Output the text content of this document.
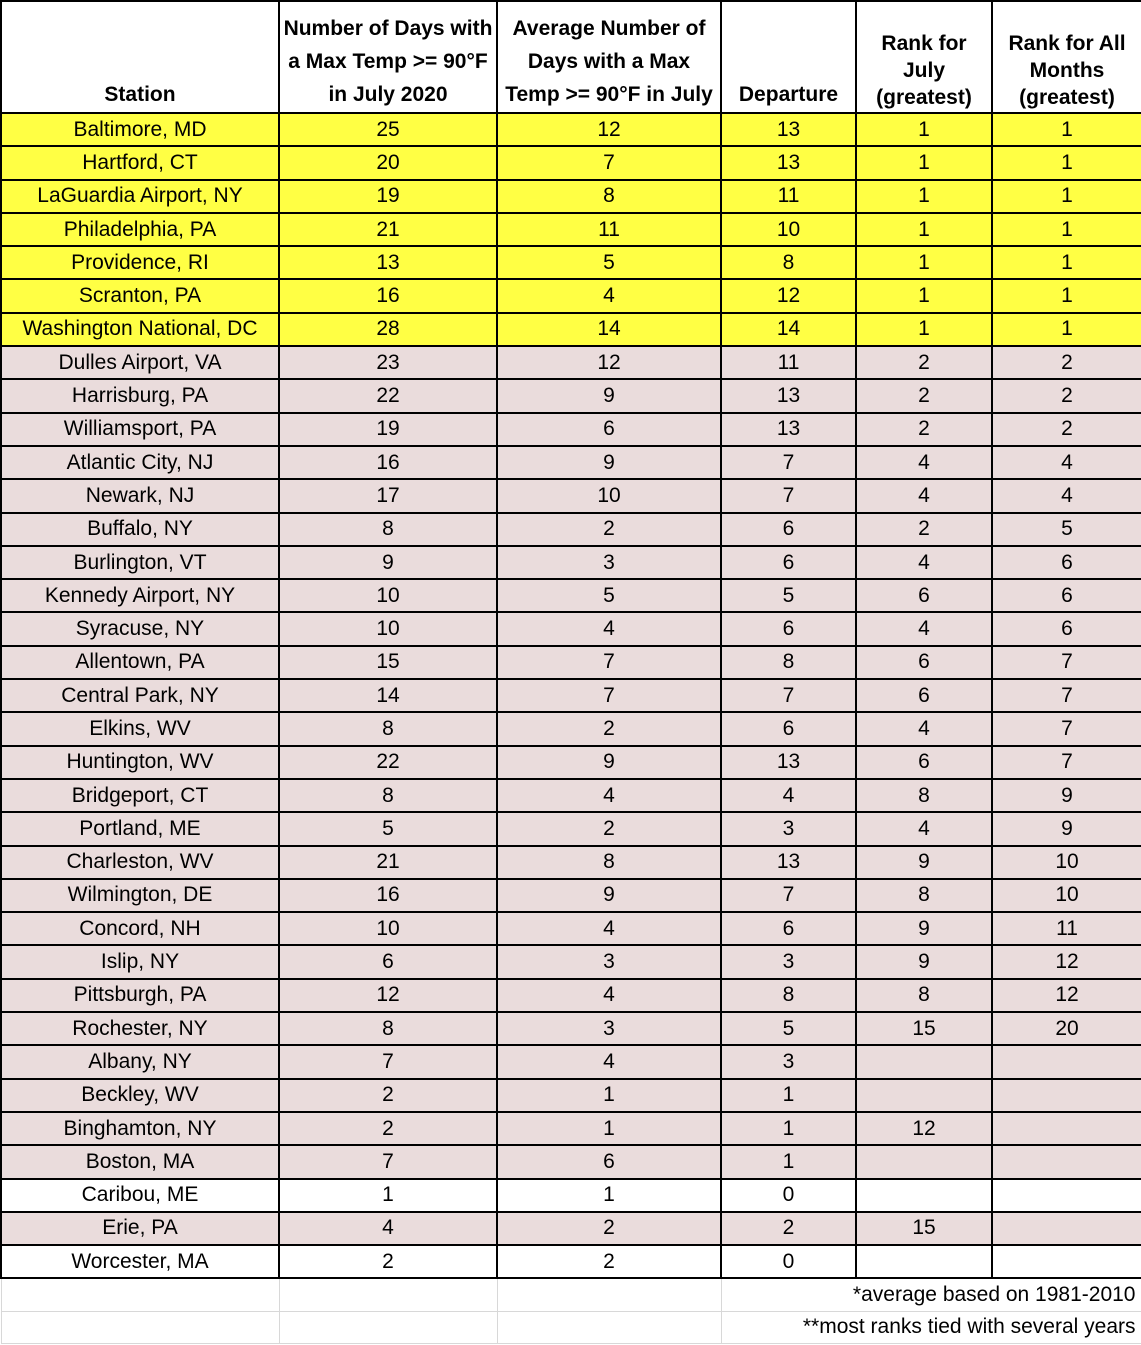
Station	Number of Days with a Max Temp >= 90°F in July 2020	Average Number of Days with a Max Temp >= 90°F in July	Departure	Rank for July (greatest)	Rank for All Months (greatest)
Baltimore, MD	25	12	13	1	1
Hartford, CT	20	7	13	1	1
LaGuardia Airport, NY	19	8	11	1	1
Philadelphia, PA	21	11	10	1	1
Providence, RI	13	5	8	1	1
Scranton, PA	16	4	12	1	1
Washington National, DC	28	14	14	1	1
Dulles Airport, VA	23	12	11	2	2
Harrisburg, PA	22	9	13	2	2
Williamsport, PA	19	6	13	2	2
Atlantic City, NJ	16	9	7	4	4
Newark, NJ	17	10	7	4	4
Buffalo, NY	8	2	6	2	5
Burlington, VT	9	3	6	4	6
Kennedy Airport, NY	10	5	5	6	6
Syracuse, NY	10	4	6	4	6
Allentown, PA	15	7	8	6	7
Central Park, NY	14	7	7	6	7
Elkins, WV	8	2	6	4	7
Huntington, WV	22	9	13	6	7
Bridgeport, CT	8	4	4	8	9
Portland, ME	5	2	3	4	9
Charleston, WV	21	8	13	9	10
Wilmington, DE	16	9	7	8	10
Concord, NH	10	4	6	9	11
Islip, NY	6	3	3	9	12
Pittsburgh, PA	12	4	8	8	12
Rochester, NY	8	3	5	15	20
Albany, NY	7	4	3		
Beckley, WV	2	1	1		
Binghamton, NY	2	1	1	12	
Boston, MA	7	6	1		
Caribou, ME	1	1	0		
Erie, PA	4	2	2	15	
Worcester, MA	2	2	0		
			*average based on 1981-2010		
			**most ranks tied with several years		
